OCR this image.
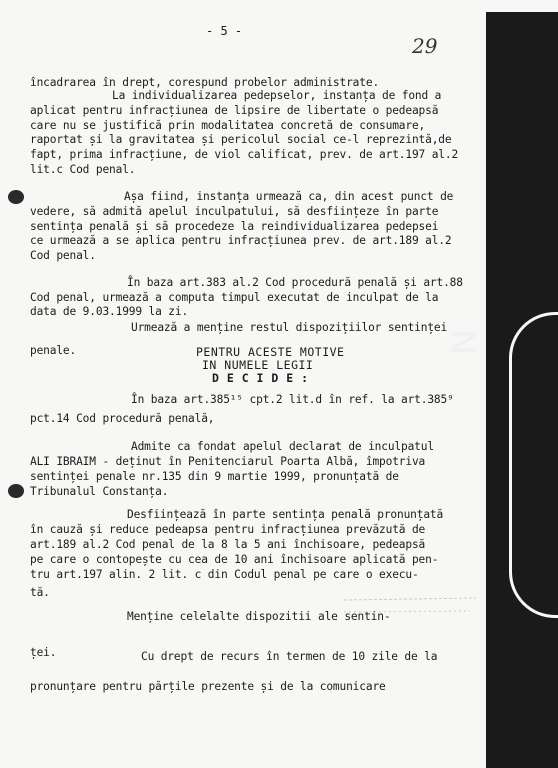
N
- 5 -
29
încadrarea în drept, corespund probelor administrate.
La individualizarea pedepselor, instanța de fond a
aplicat pentru infracțiunea de lipsire de libertate o pedeapsă
care nu se justifică prin modalitatea concretă de consumare,
raportat și la gravitatea și pericolul social ce-l reprezintă,de
fapt, prima infracțiune, de viol calificat, prev. de art.197 al.2
lit.c Cod penal.
Așa fiind, instanța urmează ca, din acest punct de
vedere, să admită apelul inculpatului, să desființeze în parte
sentința penală și să procedeze la reindividualizarea pedepsei
ce urmează a se aplica pentru infracțiunea prev. de art.189 al.2
Cod penal.
În baza art.383 al.2 Cod procedură penală și art.88
Cod penal, urmează a computa timpul executat de inculpat de la
data de 9.03.1999 la zi.
Urmează a menține restul dispozițiilor sentinței
penale.	PENTRU ACESTE MOTIVE
IN NUMELE LEGII
D E C I D E :
În baza art.385¹⁵ cpt.2 lit.d în ref. la art.385⁹
pct.14 Cod procedură penală,
Admite ca fondat apelul declarat de inculpatul
ALI IBRAIM - deținut în Penitenciarul Poarta Albă, împotriva
sentinței penale nr.135 din 9 martie 1999, pronunțată de
Tribunalul Constanța.
Desființează în parte sentința penală pronunțată
în cauză și reduce pedeapsa pentru infracțiunea prevăzută de
art.189 al.2 Cod penal de la 8 la 5 ani închisoare, pedeapsă
pe care o contopește cu cea de 10 ani închisoare aplicată pen-
tru art.197 alin. 2 lit. c din Codul penal pe care o execu-
tă.
Menține celelalte dispozitii ale sentin-
ței.	Cu drept de recurs în termen de 10 zile de la
pronunțare pentru părțile prezente și de la comunicare
